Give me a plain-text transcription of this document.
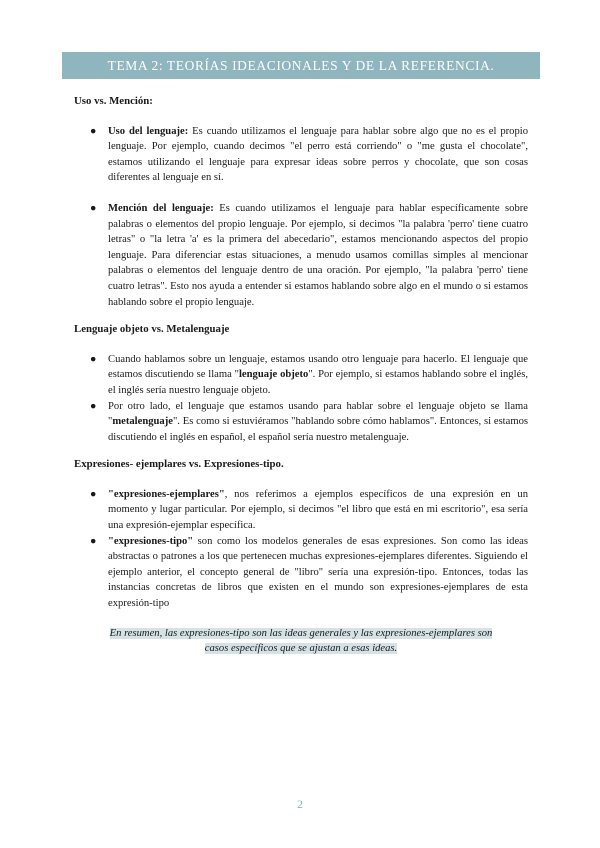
TEMA 2: TEORÍAS IDEACIONALES Y DE LA REFERENCIA.
Uso vs. Mención:
● Uso del lenguaje: Es cuando utilizamos el lenguaje para hablar sobre algo que no es el propio lenguaje. Por ejemplo, cuando decimos "el perro está corriendo" o "me gusta el chocolate", estamos utilizando el lenguaje para expresar ideas sobre perros y chocolate, que son cosas diferentes al lenguaje en sí.
● Mención del lenguaje: Es cuando utilizamos el lenguaje para hablar específicamente sobre palabras o elementos del propio lenguaje. Por ejemplo, si decimos "la palabra 'perro' tiene cuatro letras" o "la letra 'a' es la primera del abecedario", estamos mencionando aspectos del propio lenguaje. Para diferenciar estas situaciones, a menudo usamos comillas simples al mencionar palabras o elementos del lenguaje dentro de una oración. Por ejemplo, "la palabra 'perro' tiene cuatro letras". Esto nos ayuda a entender si estamos hablando sobre algo en el mundo o si estamos hablando sobre el propio lenguaje.
Lenguaje objeto vs. Metalenguaje
● Cuando hablamos sobre un lenguaje, estamos usando otro lenguaje para hacerlo. El lenguaje que estamos discutiendo se llama "lenguaje objeto". Por ejemplo, si estamos hablando sobre el inglés, el inglés sería nuestro lenguaje objeto.
● Por otro lado, el lenguaje que estamos usando para hablar sobre el lenguaje objeto se llama "metalenguaje". Es como si estuviéramos "hablando sobre cómo hablamos". Entonces, si estamos discutiendo el inglés en español, el español sería nuestro metalenguaje.
Expresiones- ejemplares vs. Expresiones-tipo.
● "expresiones-ejemplares", nos referimos a ejemplos específicos de una expresión en un momento y lugar particular. Por ejemplo, si decimos "el libro que está en mi escritorio", esa sería una expresión-ejemplar específica.
● "expresiones-tipo" son como los modelos generales de esas expresiones. Son como las ideas abstractas o patrones a los que pertenecen muchas expresiones-ejemplares diferentes. Siguiendo el ejemplo anterior, el concepto general de "libro" sería una expresión-tipo. Entonces, todas las instancias concretas de libros que existen en el mundo son expresiones-ejemplares de esta expresión-tipo
En resumen, las expresiones-tipo son las ideas generales y las expresiones-ejemplares son
casos específicos que se ajustan a esas ideas.
2
